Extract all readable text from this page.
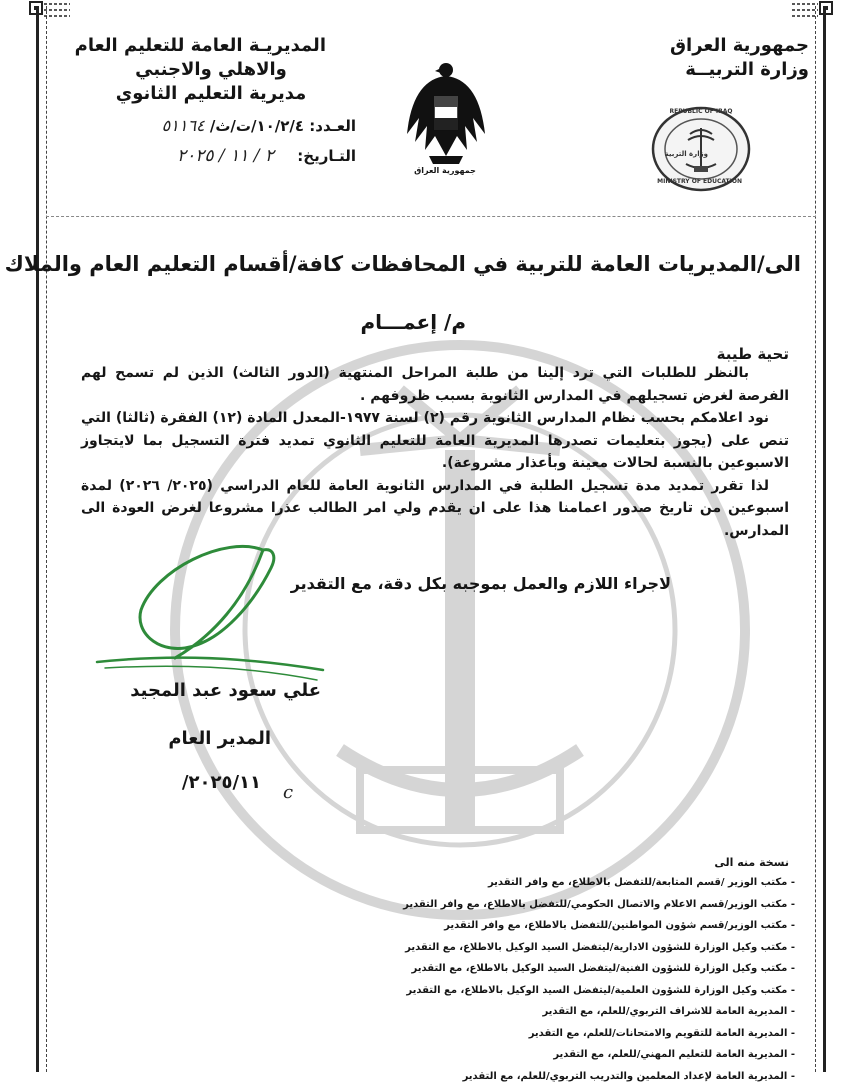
جمهورية العراق
وزارة التربيــة
REPUBLIC OF IRAQ
MINISTRY OF EDUCATION
وزارة التربية
جمهورية العراق
المديريـة العامة للتعليم العام
والاهلي والاجنبي
مديرية التعليم الثانوي
العـدد: ١٠/٢/٤/ت/ث/ ٥١١٦٤
التـاريخ: ٢ / ١١ / ٢٠٢٥
الى/المديريات العامة للتربية في المحافظات كافة/أقسام التعليم العام والملاك
م/ إعمـــام
تحية طيبة

بالنظر للطلبات التي ترد إلينا من طلبة المراحل المنتهية (الدور الثالث) الذين لم تسمح لهم الفرصة لغرض تسجيلهم في المدارس الثانوية بسبب ظروفهم .

نود اعلامكم بحسب نظام المدارس الثانوية رقم (٢) لسنة ١٩٧٧-المعدل المادة (١٢) الفقرة (ثالثا) التي تنص على (يجوز بتعليمات تصدرها المديرية العامة للتعليم الثانوي تمديد فترة التسجيل بما لايتجاوز الاسبوعين بالنسبة لحالات معينة وبأعذار مشروعة).

لذا تقرر تمديد مدة تسجيل الطلبة في المدارس الثانوية العامة للعام الدراسي (٢٠٢٥/ ٢٠٢٦) لمدة اسبوعين من تاريخ صدور اعمامنا هذا على ان يقدم ولي امر الطالب عذرا مشروعا لغرض العودة الى المدارس.

لاجراء اللازم والعمل بموجبه بكل دقة، مع التقدير
علي سعود عبد المجيد
المدير العام
٢٠٢٥/١١/ c
نسخة منه الى
- مكتب الوزير /قسم المتابعة/للتفضل بالاطلاع، مع وافر التقدير
- مكتب الوزير/قسم الاعلام والاتصال الحكومي/للتفضل بالاطلاع، مع وافر التقدير
- مكتب الوزير/قسم شؤون المواطنين/للتفضل بالاطلاع، مع وافر التقدير
- مكتب وكيل الوزارة للشؤون الادارية/ليتفضل السيد الوكيل بالاطلاع، مع التقدير
- مكتب وكيل الوزارة للشؤون الفنية/ليتفضل السيد الوكيل بالاطلاع، مع التقدير
- مكتب وكيل الوزارة للشؤون العلمية/ليتفضل السيد الوكيل بالاطلاع، مع التقدير
- المديرية العامة للاشراف التربوي/للعلم، مع التقدير
- المديرية العامة للتقويم والامتحانات/للعلم، مع التقدير
- المديرية العامة للتعليم المهني/للعلم، مع التقدير
- المديرية العامة لإعداد المعلمين والتدريب التربوي/للعلم، مع التقدير
